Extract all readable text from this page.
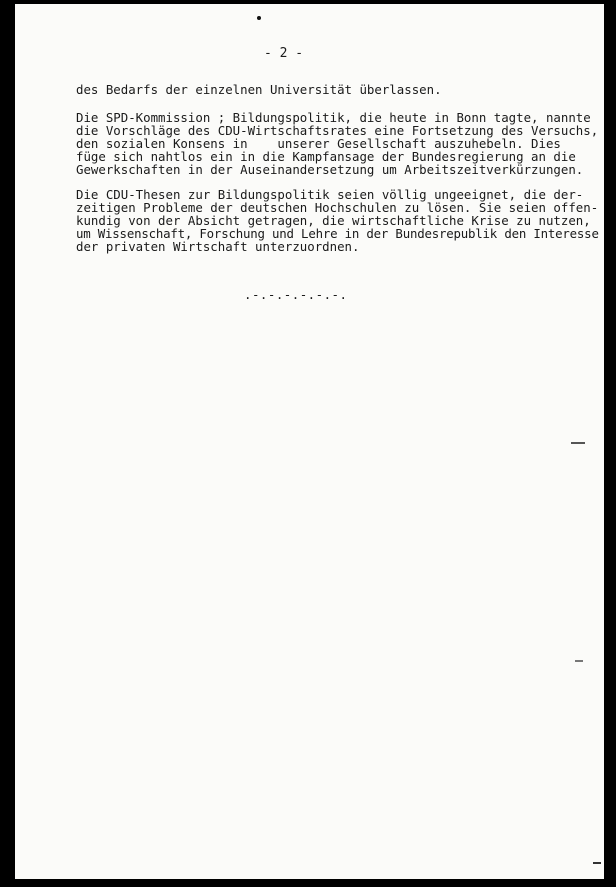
- 2 -
des Bedarfs der einzelnen Universität überlassen.
Die SPD-Kommission ; Bildungspolitik, die heute in Bonn tagte, nannte
die Vorschläge des CDU-Wirtschaftsrates eine Fortsetzung des Versuchs,
den sozialen Konsens in    unserer Gesellschaft auszuhebeln. Dies
füge sich nahtlos ein in die Kampfansage der Bundesregierung an die
Gewerkschaften in der Auseinandersetzung um Arbeitszeitverkürzungen.
Die CDU-Thesen zur Bildungspolitik seien völlig ungeeignet, die der-
zeitigen Probleme der deutschen Hochschulen zu lösen. Sie seien offen-
kundig von der Absicht getragen, die wirtschaftliche Krise zu nutzen,
um Wissenschaft, Forschung und Lehre in der Bundesrepublik den Interesse
der privaten Wirtschaft unterzuordnen.
.-.-.-.-.-.-.
